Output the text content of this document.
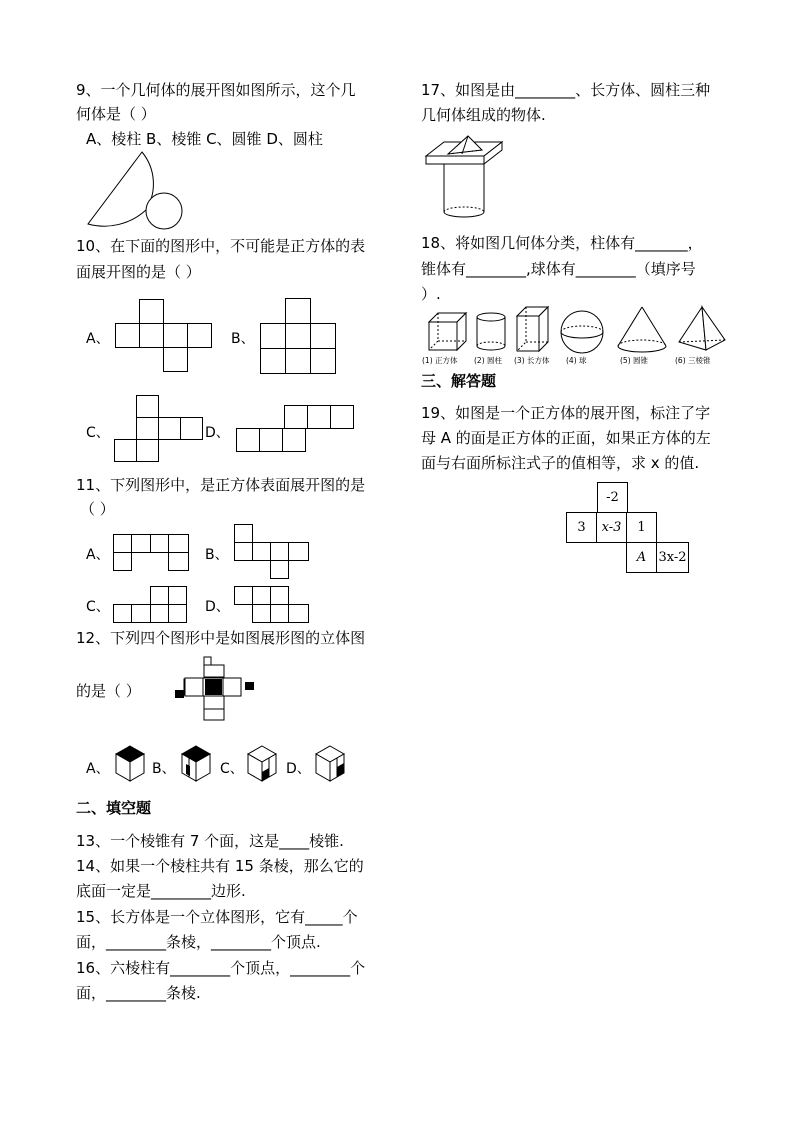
9、一个几何体的展开图如图所示，这个几
何体是（ ）
A、棱柱 B、棱锥 C、圆锥 D、圆柱
10、在下面的图形中，不可能是正方体的表
面展开图的是（ ）
A、	B、
C、	D、
11、下列图形中，是正方体表面展开图的是
（ ）
A、	B、
C、	D、
12、下列四个图形中是如图展形图的立体图
的是（ ）
A、	B、	C、	D、
二、填空题
13、一个棱锥有 7 个面，这是____棱锥.
14、如果一个棱柱共有 15 条棱，那么它的
底面一定是________边形.
15、长方体是一个立体图形，它有_____个
面，________条棱，________个顶点.
16、六棱柱有________个顶点，________个
面，________条棱.
17、如图是由________、长方体、圆柱三种
几何体组成的物体.
18、将如图几何体分类，柱体有_______，
锥体有________,球体有________（填序号
）.
(1) 正方体 (2) 圆柱 (3) 长方体 (4) 球	(5) 圆锥	(6) 三棱锥
三、解答题
19、如图是一个正方体的展开图，标注了字
母 A 的面是正方体的正面，如果正方体的左
面与右面所标注式子的值相等，求 x 的值.
-2
3	x-3	1
A 3x-2
